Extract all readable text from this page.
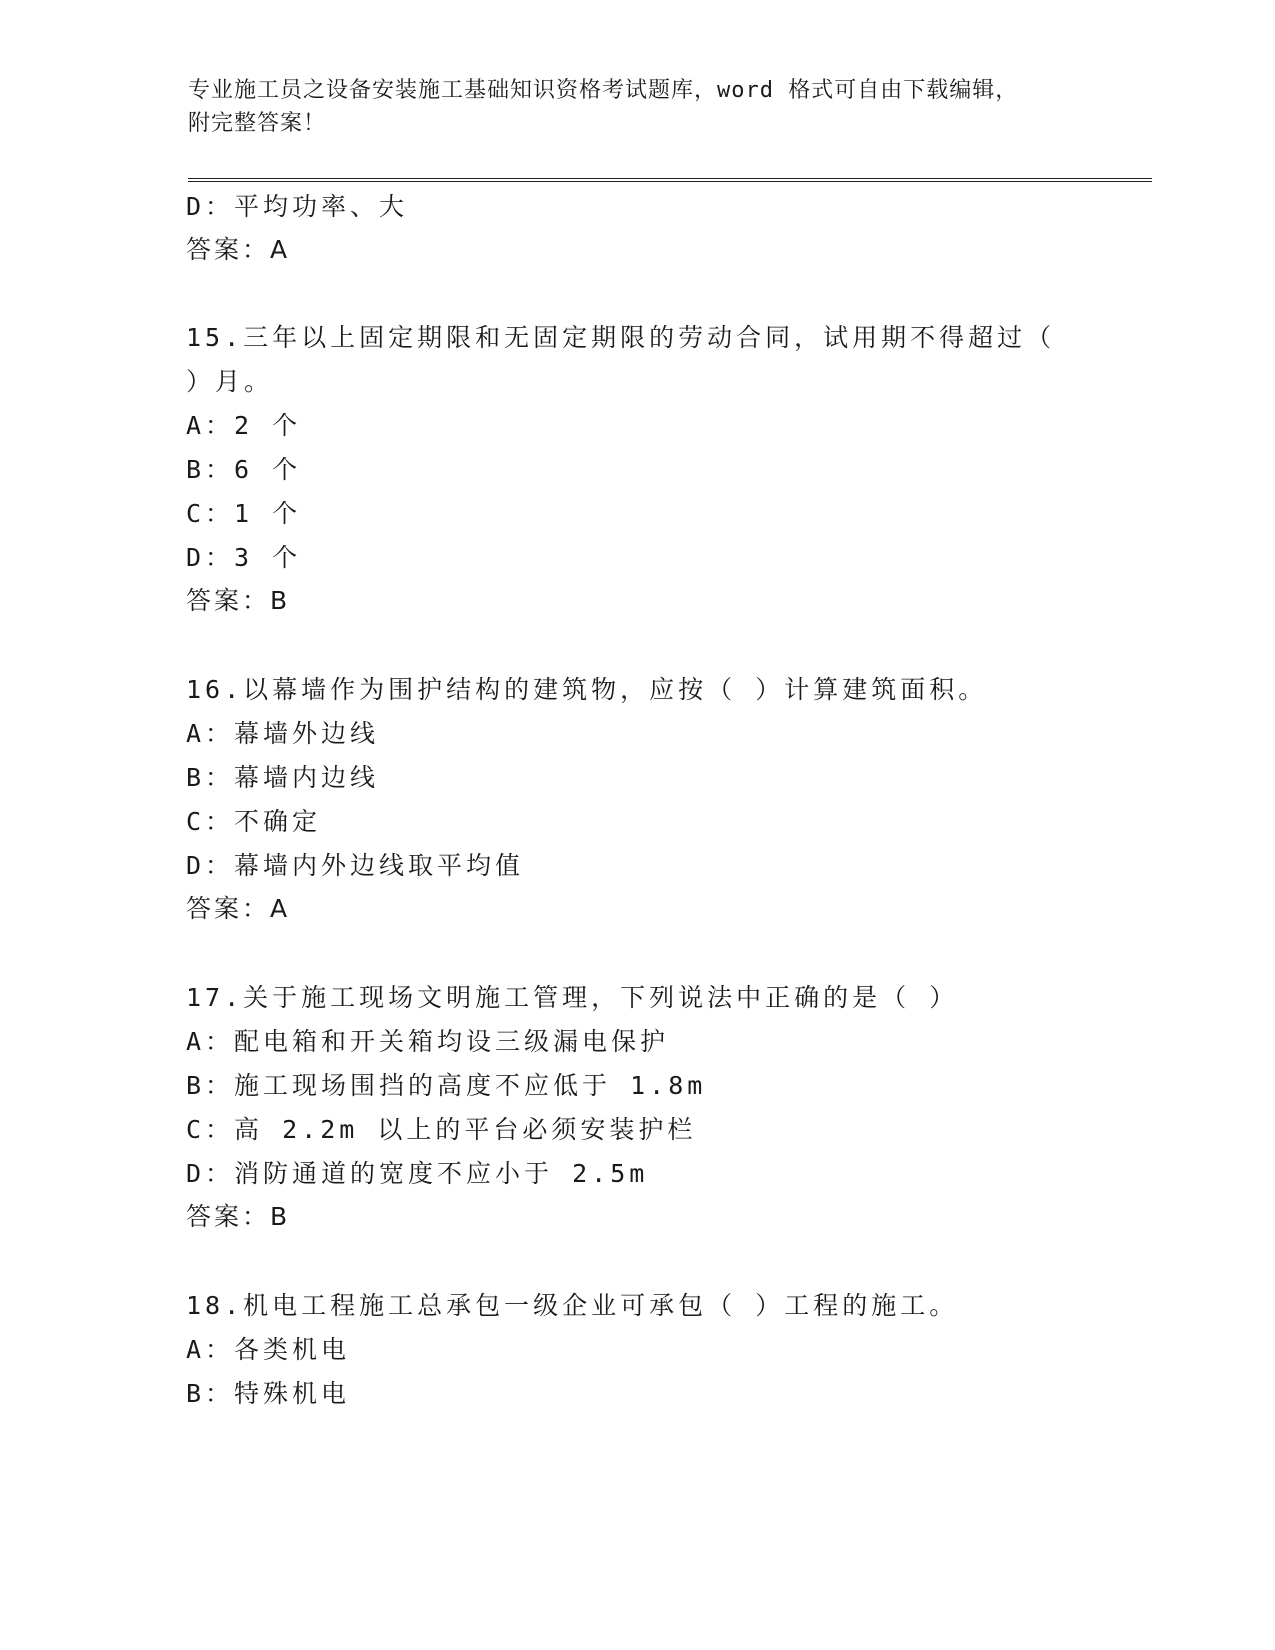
专业施工员之设备安装施工基础知识资格考试题库，word 格式可自由下载编辑，
附完整答案！
D：平均功率、大
答案：A
15.三年以上固定期限和无固定期限的劳动合同，试用期不得超过（
）月。
A：2 个
B：6 个
C：1 个
D：3 个
答案：B
16.以幕墙作为围护结构的建筑物，应按（ ）计算建筑面积。
A：幕墙外边线
B：幕墙内边线
C：不确定
D：幕墙内外边线取平均值
答案：A
17.关于施工现场文明施工管理，下列说法中正确的是（ ）
A：配电箱和开关箱均设三级漏电保护
B：施工现场围挡的高度不应低于 1.8m
C：高 2.2m 以上的平台必须安装护栏
D：消防通道的宽度不应小于 2.5m
答案：B
18.机电工程施工总承包一级企业可承包（ ）工程的施工。
A：各类机电
B：特殊机电
